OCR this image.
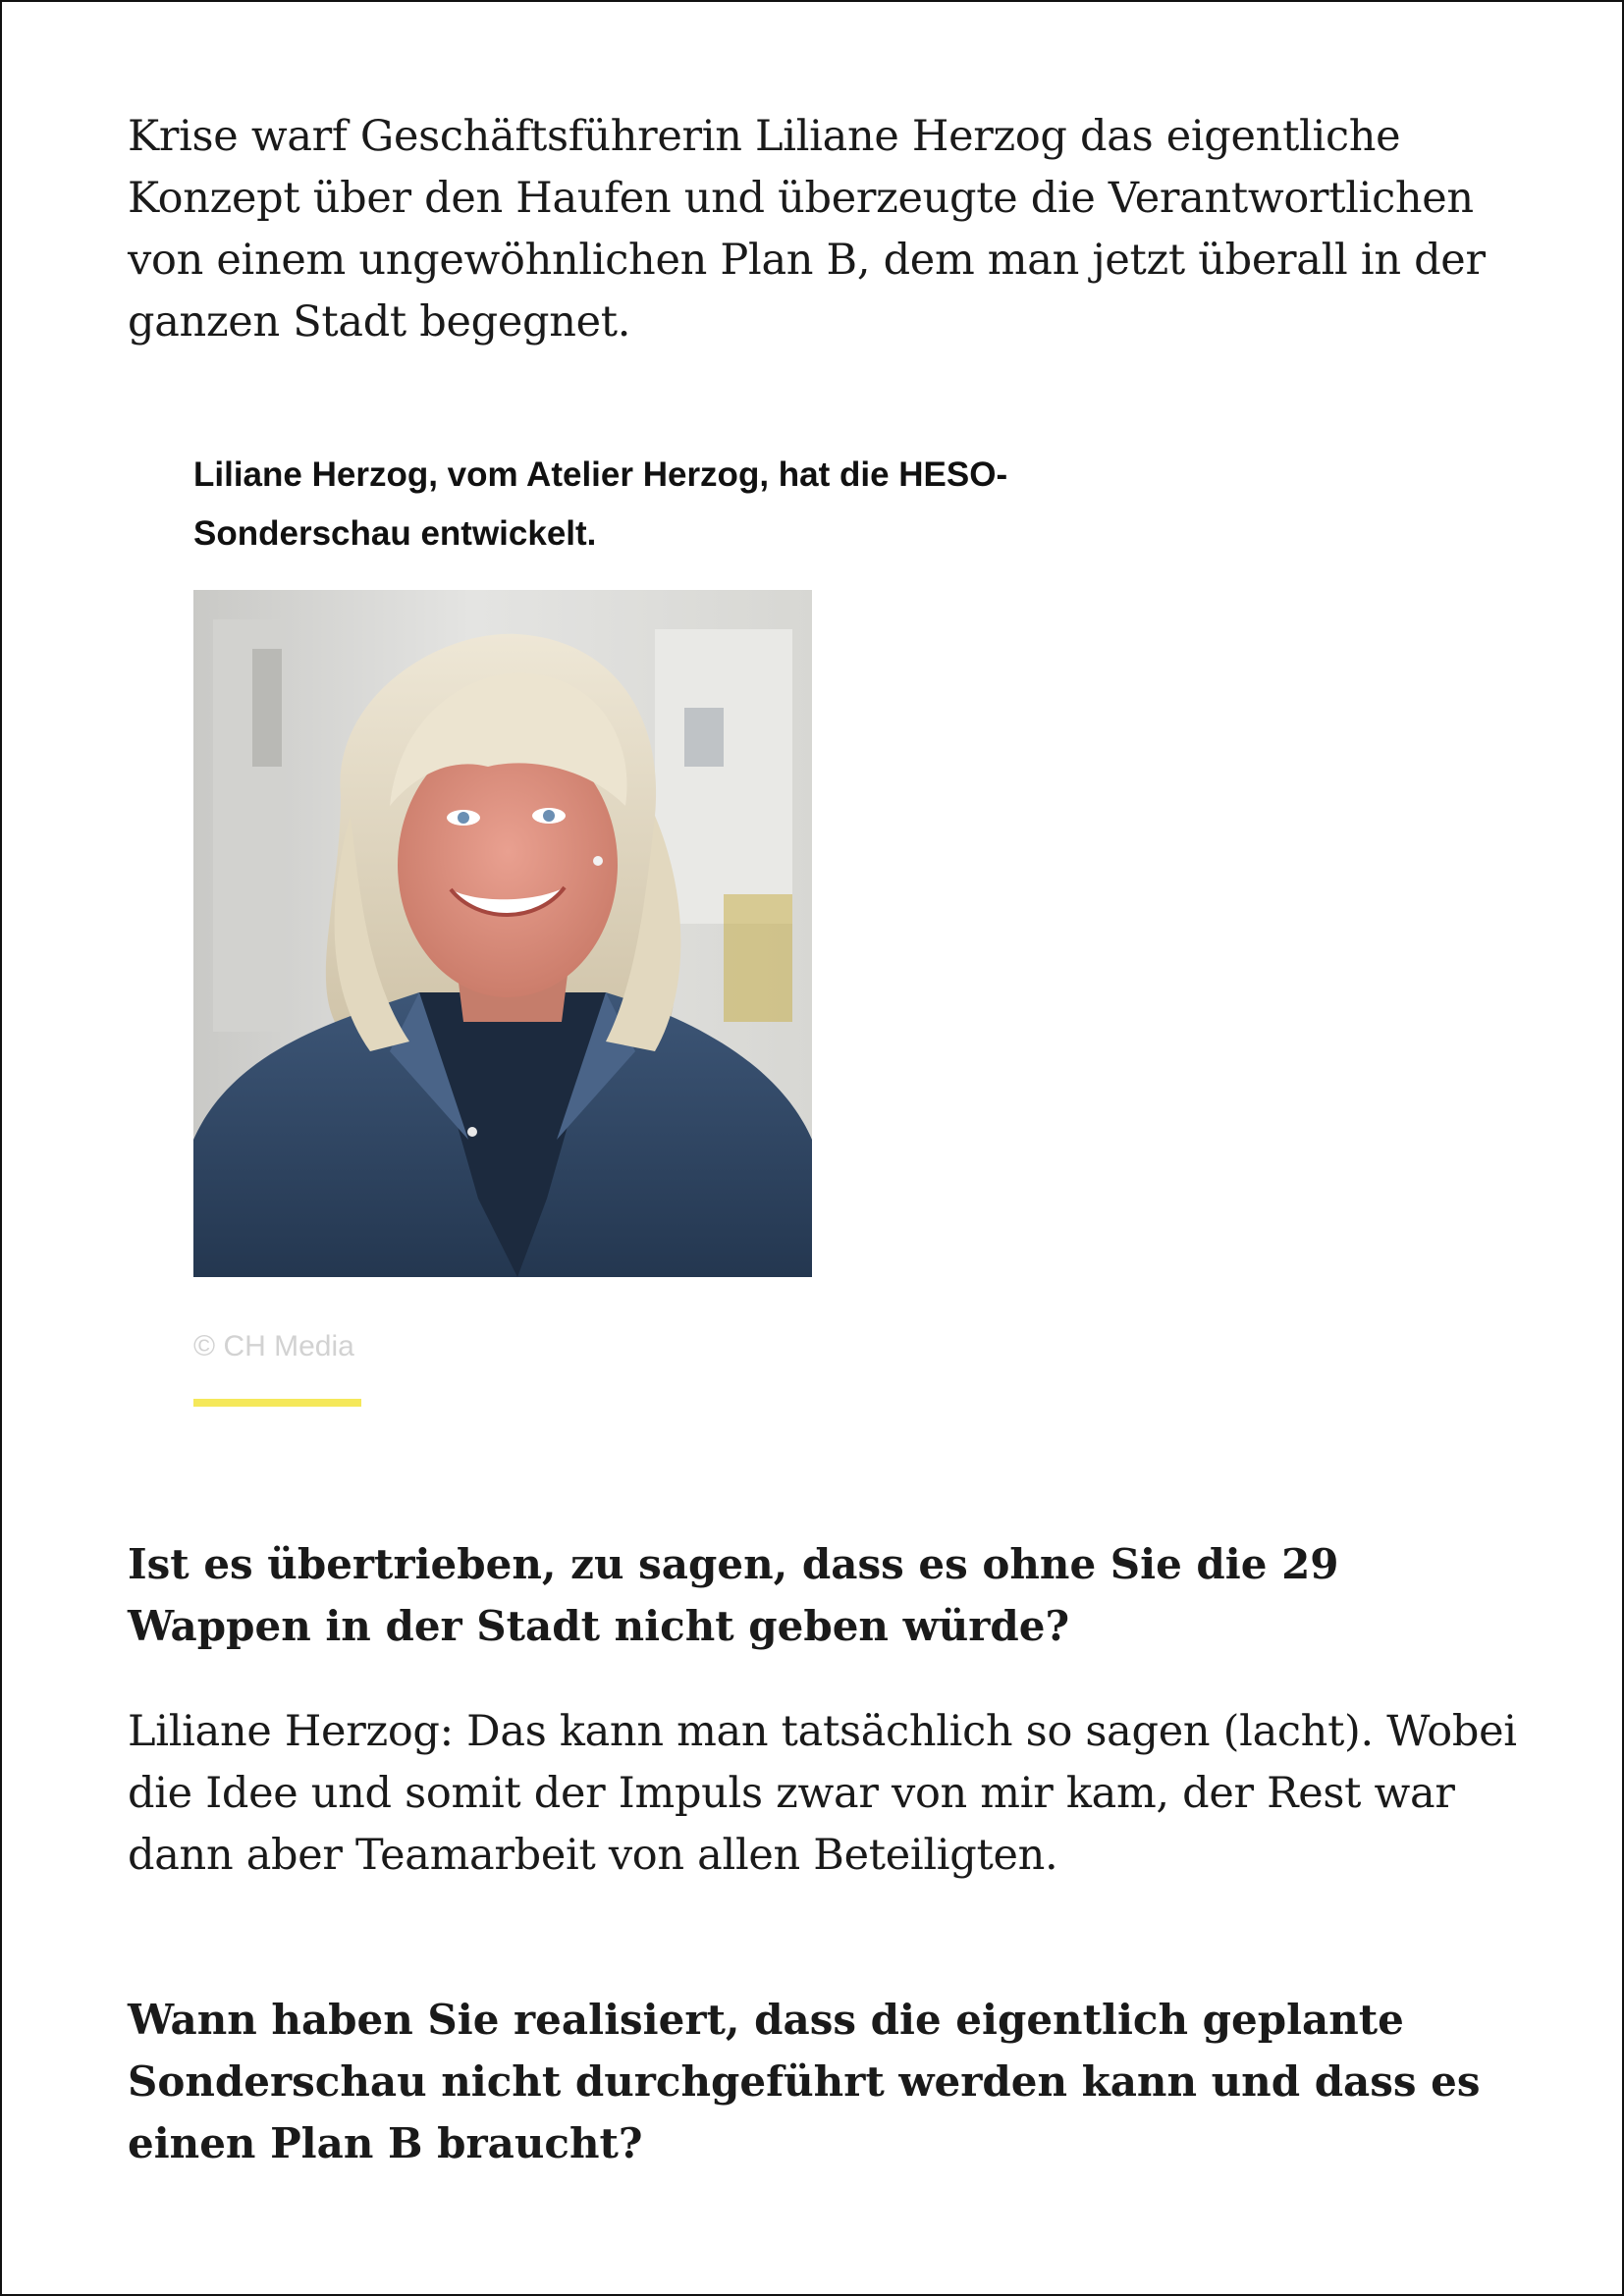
Krise warf Geschäftsführerin Liliane Herzog das eigentliche Konzept über den Haufen und überzeugte die Verantwortlichen von einem ungewöhnlichen Plan B, dem man jetzt überall in der ganzen Stadt begegnet.

Liliane Herzog, vom Atelier Herzog, hat die HESO-Sonderschau entwickelt.

© CH Media

Ist es übertrieben, zu sagen, dass es ohne Sie die 29 Wappen in der Stadt nicht geben würde?

Liliane Herzog: Das kann man tatsächlich so sagen (lacht). Wobei die Idee und somit der Impuls zwar von mir kam, der Rest war dann aber Teamarbeit von allen Beteiligten.

Wann haben Sie realisiert, dass die eigentlich geplante Sonderschau nicht durchgeführt werden kann und dass es einen Plan B braucht?
